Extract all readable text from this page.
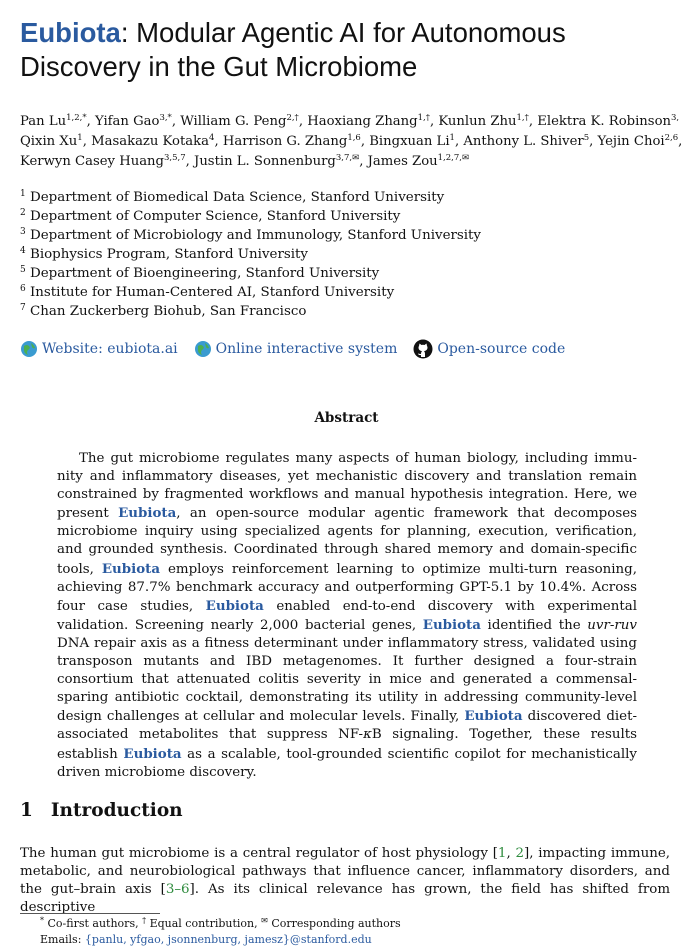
Eubiota: Modular Agentic AI for Autonomous
Discovery in the Gut Microbiome
Pan $Lu^{1,2,*}$, Yifan Gao$^{3,*}$, William G. Peng$^{2,\dagger}$, Haoxiang Zhang$^{1,\dagger}$, Kunlun Zhu$^{1,\dagger}$, Elektra K. Robinson$^{3,}$ Qixin Xu$^1$, Masakazu Kotaka$^4$, Harrison G. Zhang$^{1,6}$, Bingxuan Li$^1$, Anthony L. Shiver$^5$, Yejin Choi$^{2,6}$, Kerwyn Casey Huang$^{3,5,7}$, Justin L. Sonnenburg$^{3,7,✉}$, James Zou$^{1,2,7,✉}$
$^1$ Department of Biomedical Data Science, Stanford University
$^2$ Department of Computer Science, Stanford University
$^3$ Department of Microbiology and Immunology, Stanford University
$^4$ Biophysics Program, Stanford University
$^5$ Department of Bioengineering, Stanford University
$^6$ Institute for Human-Centered AI, Stanford University
$^7$ Chan Zuckerberg Biohub, San Francisco
Website: eubiota.ai	Online interactive system	Open-source code
Abstract
The gut microbiome regulates many aspects of human biology, including immunity and inflammatory diseases, yet mechanistic discovery and translation remain constrained by fragmented workflows and manual hypothesis integration. Here, we present Eubiota, an open-source modular agentic framework that decomposes microbiome inquiry using specialized agents for planning, execution, verification, and grounded synthesis. Coordinated through shared memory and domain-specific tools, Eubiota employs reinforcement learning to optimize multi-turn reasoning, achieving 87.7% benchmark accuracy and outperforming GPT-5.1 by 10.4%. Across four case studies, Eubiota enabled end-to-end discovery with experimental validation. Screening nearly 2,000 bacterial genes, Eubiota identified the uvr-ruv DNA repair axis as a fitness determinant under inflammatory stress, validated using transposon mutants and IBD metagenomes. It further designed a four-strain consortium that attenuated colitis severity in mice and generated a commensal-sparing antibiotic cocktail, demonstrating its utility in addressing community-level design challenges at cellular and molecular levels. Finally, Eubiota discovered diet-associated metabolites that suppress NF-κB signaling. Together, these results establish Eubiota as a scalable, tool-grounded scientific copilot for mechanistically driven microbiome discovery.
1 Introduction
The human gut microbiome is a central regulator of host physiology [1, 2], impacting immune, metabolic, and neurobiological pathways that influence cancer, inflammatory disorders, and the gut–brain axis [3–6]. As its clinical relevance has grown, the field has shifted from descriptive
* Co-first authors, † Equal contribution, ✉ Corresponding authors
Emails: {panlu, yfgao, jsonnenburg, jamesz}@stanford.edu
